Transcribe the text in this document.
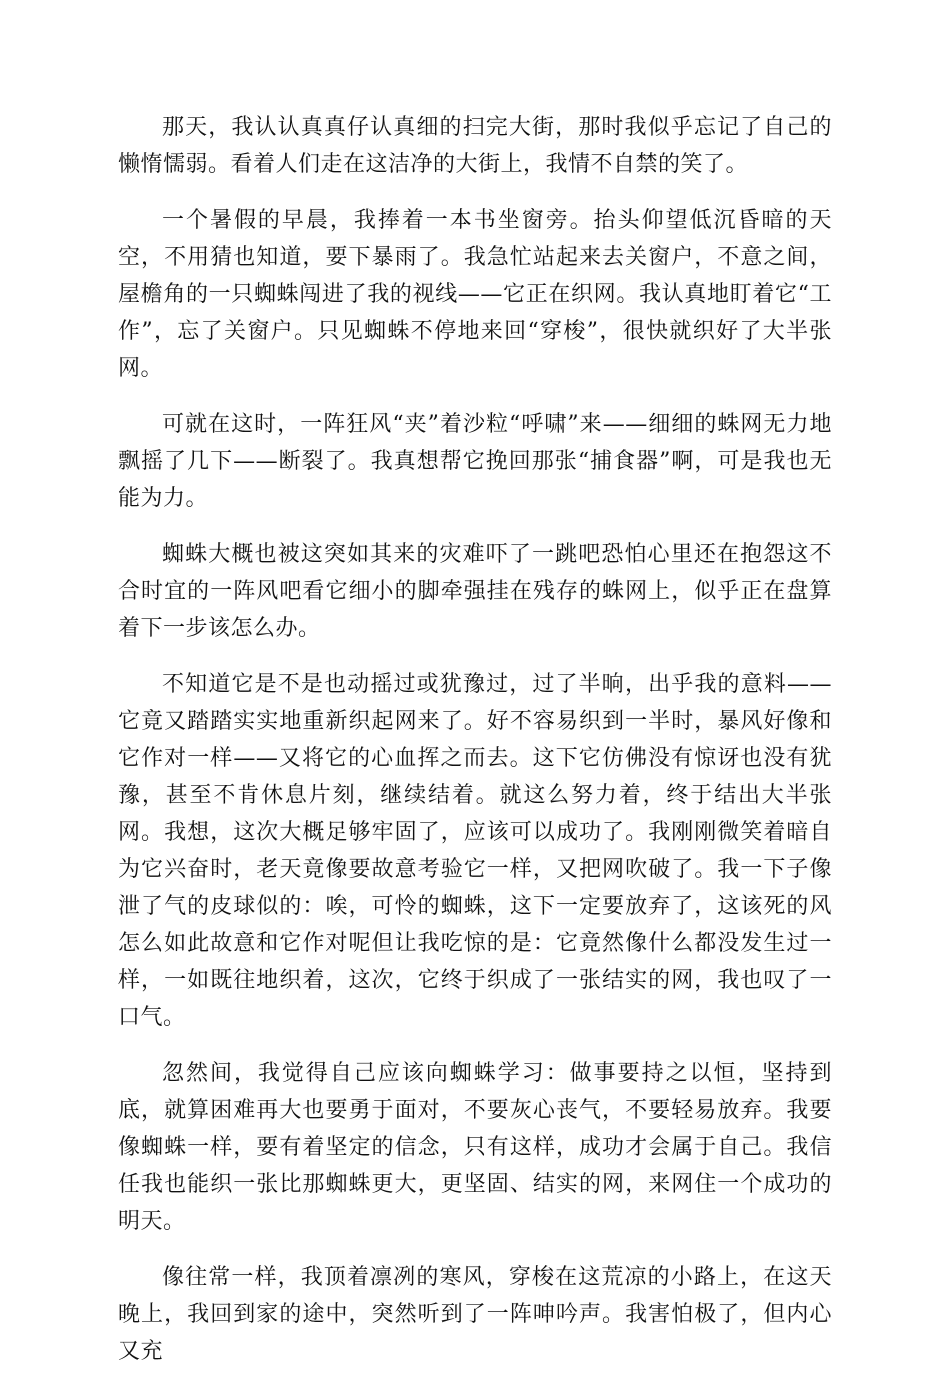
那天，我认认真真仔认真细的扫完大街，那时我似乎忘记了自己的懒惰懦弱。看着人们走在这洁净的大街上，我情不自禁的笑了。

一个暑假的早晨，我捧着一本书坐窗旁。抬头仰望低沉昏暗的天空，不用猜也知道，要下暴雨了。我急忙站起来去关窗户，不意之间，屋檐角的一只蜘蛛闯进了我的视线——它正在织网。我认真地盯着它“工作”，忘了关窗户。只见蜘蛛不停地来回“穿梭”，很快就织好了大半张网。

可就在这时，一阵狂风“夹”着沙粒“呼啸”来——细细的蛛网无力地飘摇了几下——断裂了。我真想帮它挽回那张“捕食器”啊，可是我也无能为力。

蜘蛛大概也被这突如其来的灾难吓了一跳吧恐怕心里还在抱怨这不合时宜的一阵风吧看它细小的脚牵强挂在残存的蛛网上，似乎正在盘算着下一步该怎么办。

不知道它是不是也动摇过或犹豫过，过了半晌，出乎我的意料——它竟又踏踏实实地重新织起网来了。好不容易织到一半时，暴风好像和它作对一样——又将它的心血挥之而去。这下它仿佛没有惊讶也没有犹豫，甚至不肯休息片刻，继续结着。就这么努力着，终于结出大半张网。我想，这次大概足够牢固了，应该可以成功了。我刚刚微笑着暗自为它兴奋时，老天竟像要故意考验它一样，又把网吹破了。我一下子像泄了气的皮球似的：唉，可怜的蜘蛛，这下一定要放弃了，这该死的风怎么如此故意和它作对呢但让我吃惊的是：它竟然像什么都没发生过一样，一如既往地织着，这次，它终于织成了一张结实的网，我也叹了一口气。

忽然间，我觉得自己应该向蜘蛛学习：做事要持之以恒，坚持到底，就算困难再大也要勇于面对，不要灰心丧气，不要轻易放弃。我要像蜘蛛一样，要有着坚定的信念，只有这样，成功才会属于自己。我信任我也能织一张比那蜘蛛更大，更坚固、结实的网，来网住一个成功的明天。

像往常一样，我顶着凛冽的寒风，穿梭在这荒凉的小路上，在这天晚上，我回到家的途中，突然听到了一阵呻吟声。我害怕极了，但内心又充
